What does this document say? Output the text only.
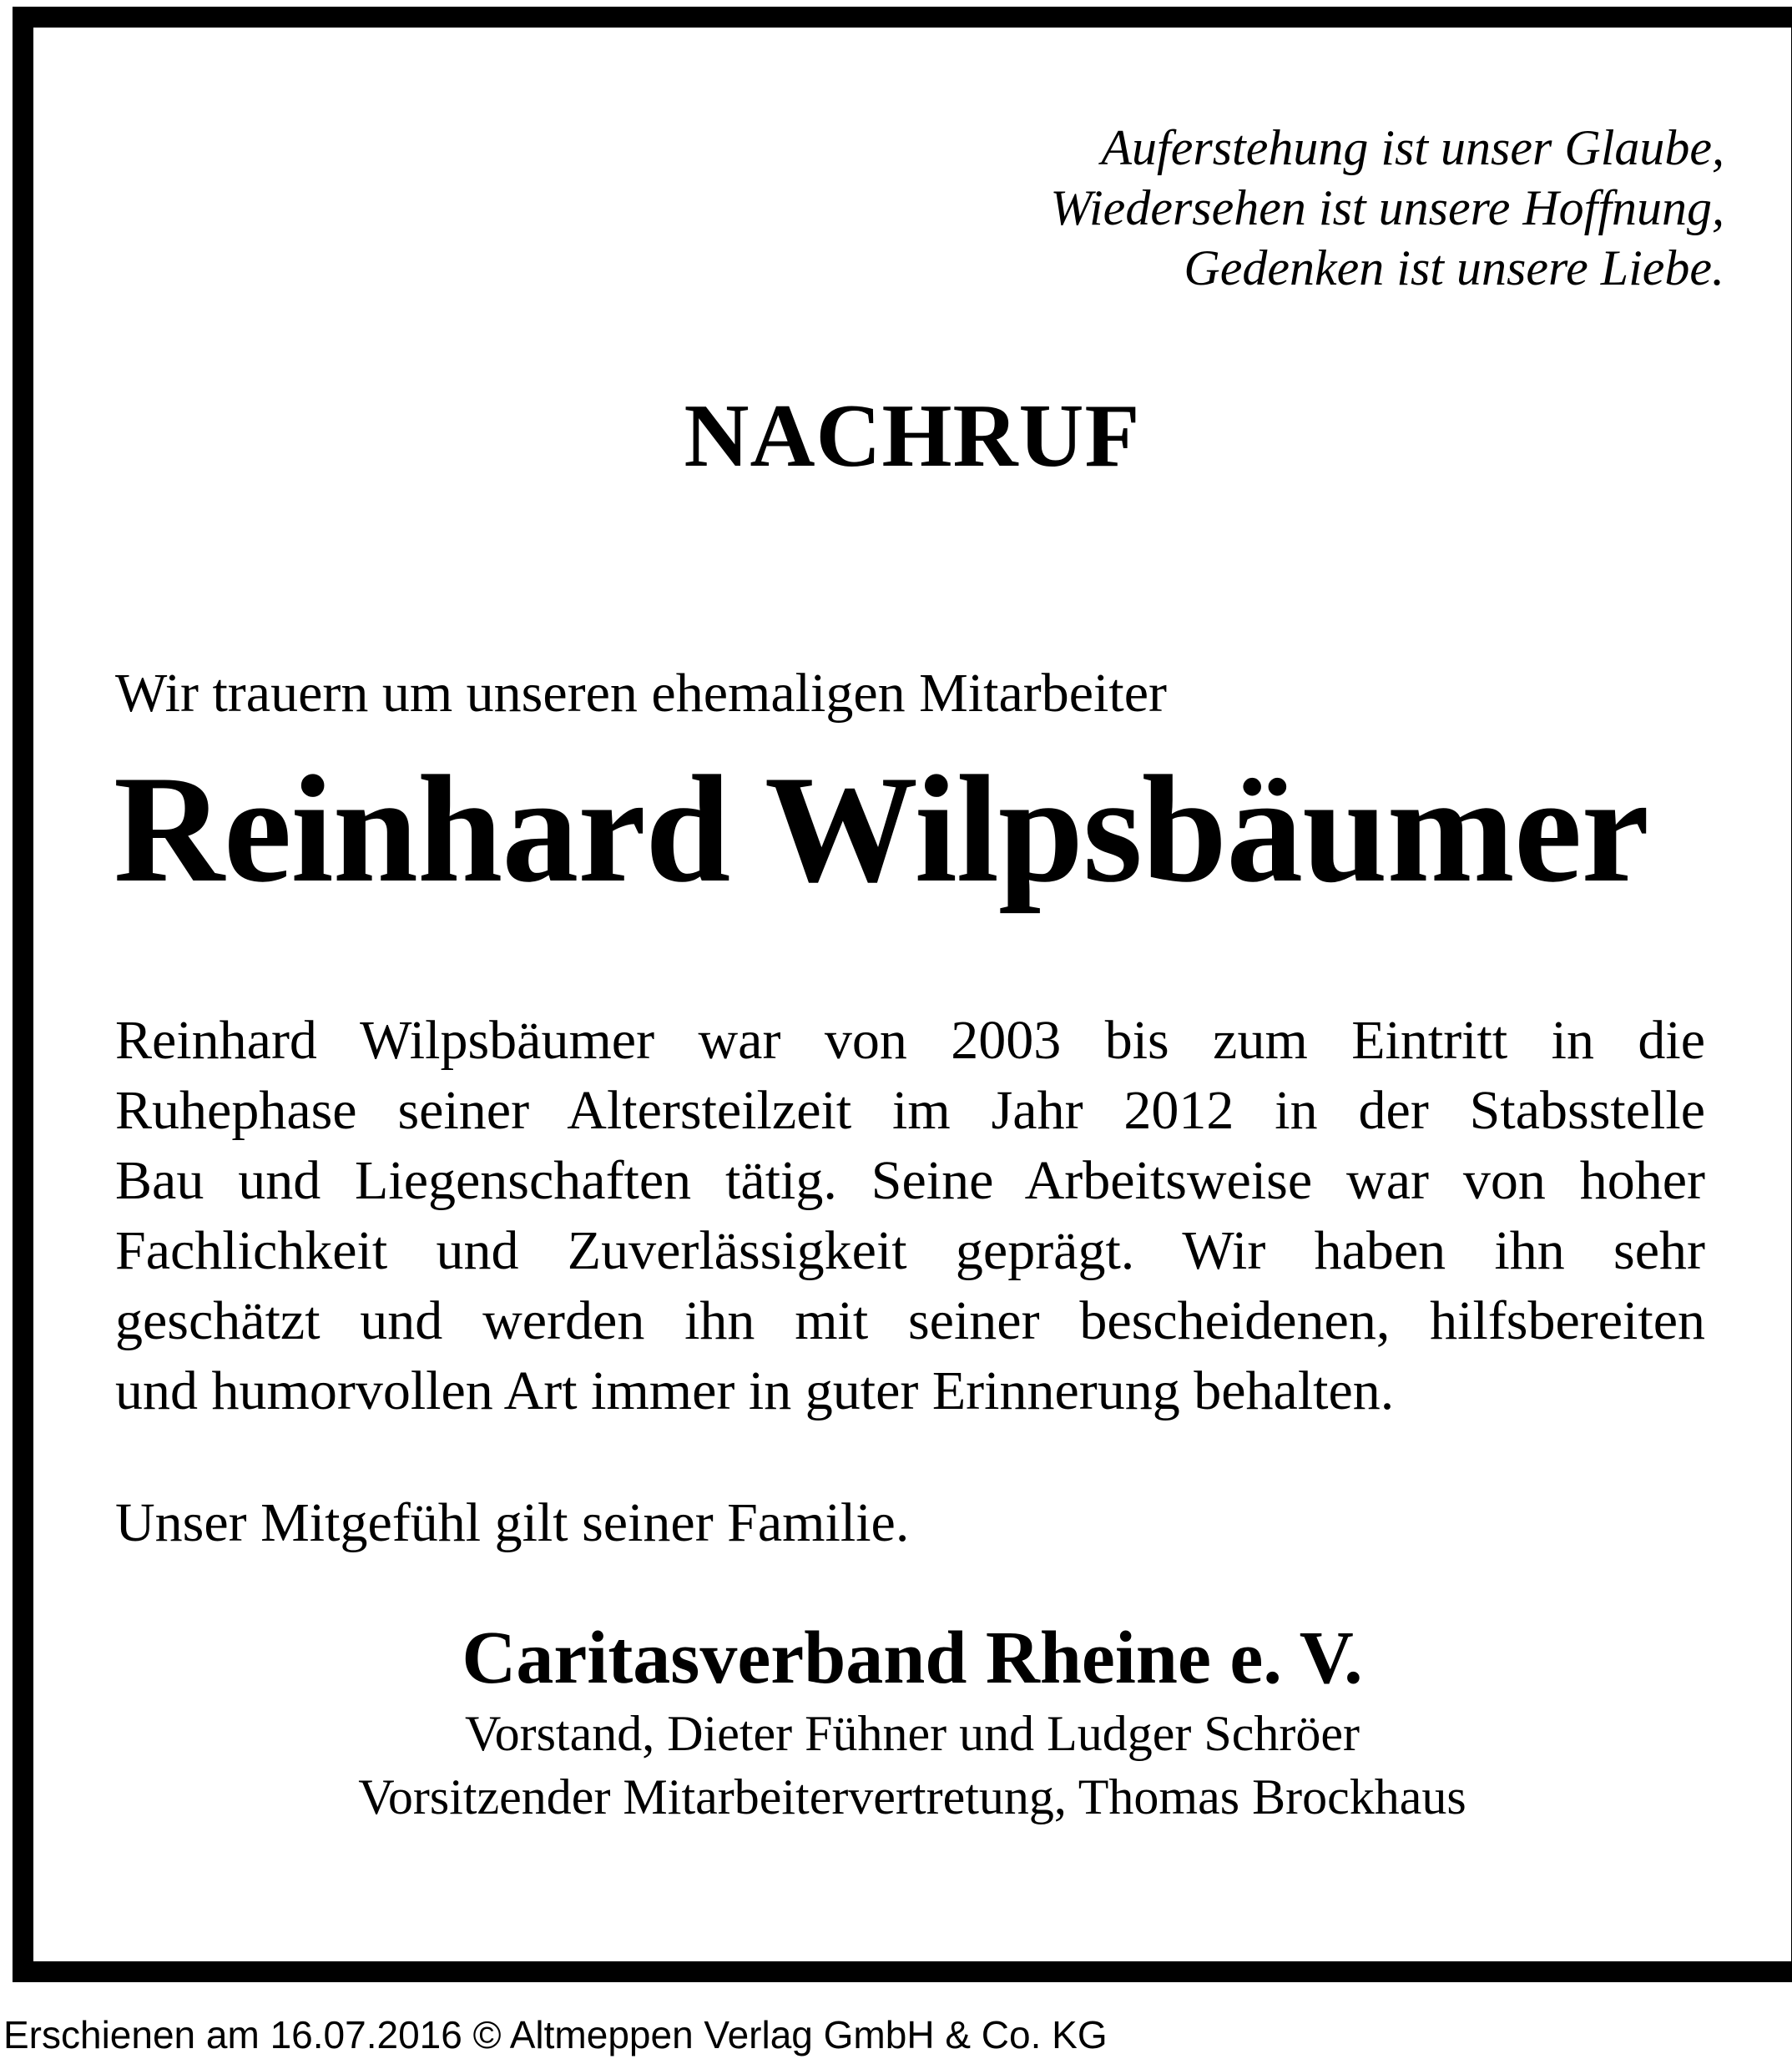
Auferstehung ist unser Glaube,
Wiedersehen ist unsere Hoffnung,
Gedenken ist unsere Liebe.
NACHRUF
Wir trauern um unseren ehemaligen Mitarbeiter
Reinhard Wilpsbäumer
Reinhard Wilpsbäumer war von 2003 bis zum Eintritt in die
Ruhephase seiner Altersteilzeit im Jahr 2012 in der Stabsstelle
Bau und Liegenschaften tätig. Seine Arbeitsweise war von hoher
Fachlichkeit und Zuverlässigkeit geprägt. Wir haben ihn sehr
geschätzt und werden ihn mit seiner bescheidenen, hilfsbereiten
und humorvollen Art immer in guter Erinnerung behalten.
Unser Mitgefühl gilt seiner Familie.
Caritasverband Rheine e. V.
Vorstand, Dieter Fühner und Ludger Schröer
Vorsitzender Mitarbeitervertretung, Thomas Brockhaus
Erschienen am 16.07.2016 © Altmeppen Verlag GmbH & Co. KG
